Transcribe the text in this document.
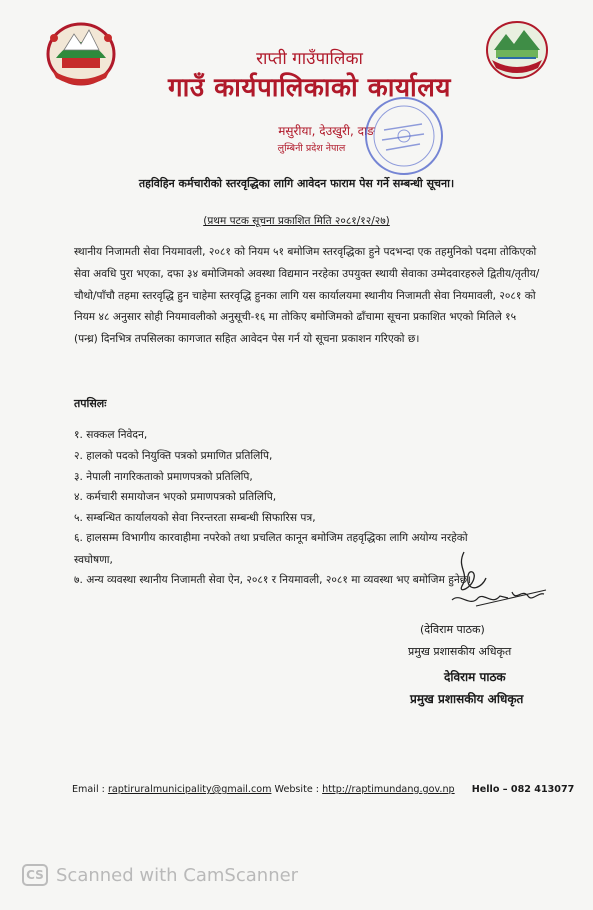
राप्ती गाउँपालिका
गाउँ कार्यपालिकाको कार्यालय
मसुरीया, देउखुरी, दाङ
लुम्बिनी प्रदेश नेपाल
तहविहिन कर्मचारीको स्तरवृद्धिका लागि आवेदन फाराम पेस गर्ने सम्बन्धी सूचना।
(प्रथम पटक सूचना प्रकाशित मिति २०८१/१२/२७)
स्थानीय निजामती सेवा नियमावली, २०८१ को नियम ५१ बमोजिम स्तरवृद्धिका हुने पदभन्दा एक तहमुनिको पदमा तोकिएको सेवा अवधि पुरा भएका, दफा ३४ बमोजिमको अवस्था विद्यमान नरहेका उपयुक्त स्थायी सेवाका उम्मेदवारहरुले द्वितीय/तृतीय/चौथो/पाँचौ तहमा स्तरवृद्धि हुन चाहेमा स्तरवृद्धि हुनका लागि यस कार्यालयमा स्थानीय निजामती सेवा नियमावली, २०८१ को नियम ४८ अनुसार सोही नियमावलीको अनुसूची-१६ मा तोकिए बमोजिमको ढाँचामा सूचना प्रकाशित भएको मितिले १५ (पन्ध्र) दिनभित्र तपसिलका कागजात सहित आवेदन पेस गर्न यो सूचना प्रकाशन गरिएको छ।
तपसिलः
१. सक्कल निवेदन,
२. हालको पदको नियुक्ति पत्रको प्रमाणित प्रतिलिपि,
३. नेपाली नागरिकताको प्रमाणपत्रको प्रतिलिपि,
४. कर्मचारी समायोजन भएको प्रमाणपत्रको प्रतिलिपि,
५. सम्बन्धित कार्यालयको सेवा निरन्तरता सम्बन्धी सिफारिस पत्र,
६. हालसम्म विभागीय कारवाहीमा नपरेको तथा प्रचलित कानून बमोजिम तहवृद्धिका लागि अयोग्य नरहेको
स्वघोषणा,
७. अन्य व्यवस्था स्थानीय निजामती सेवा ऐन, २०८१ र नियमावली, २०८१ मा व्यवस्था भए बमोजिम हुनेछ।
(देविराम पाठक)
प्रमुख प्रशासकीय अधिकृत
देविराम पाठक
प्रमुख प्रशासकीय अधिकृत
Email : raptiruralmunicipality@gmail.com Website : http://raptimundang.gov.np Hello – 082 413077
CS Scanned with CamScanner
